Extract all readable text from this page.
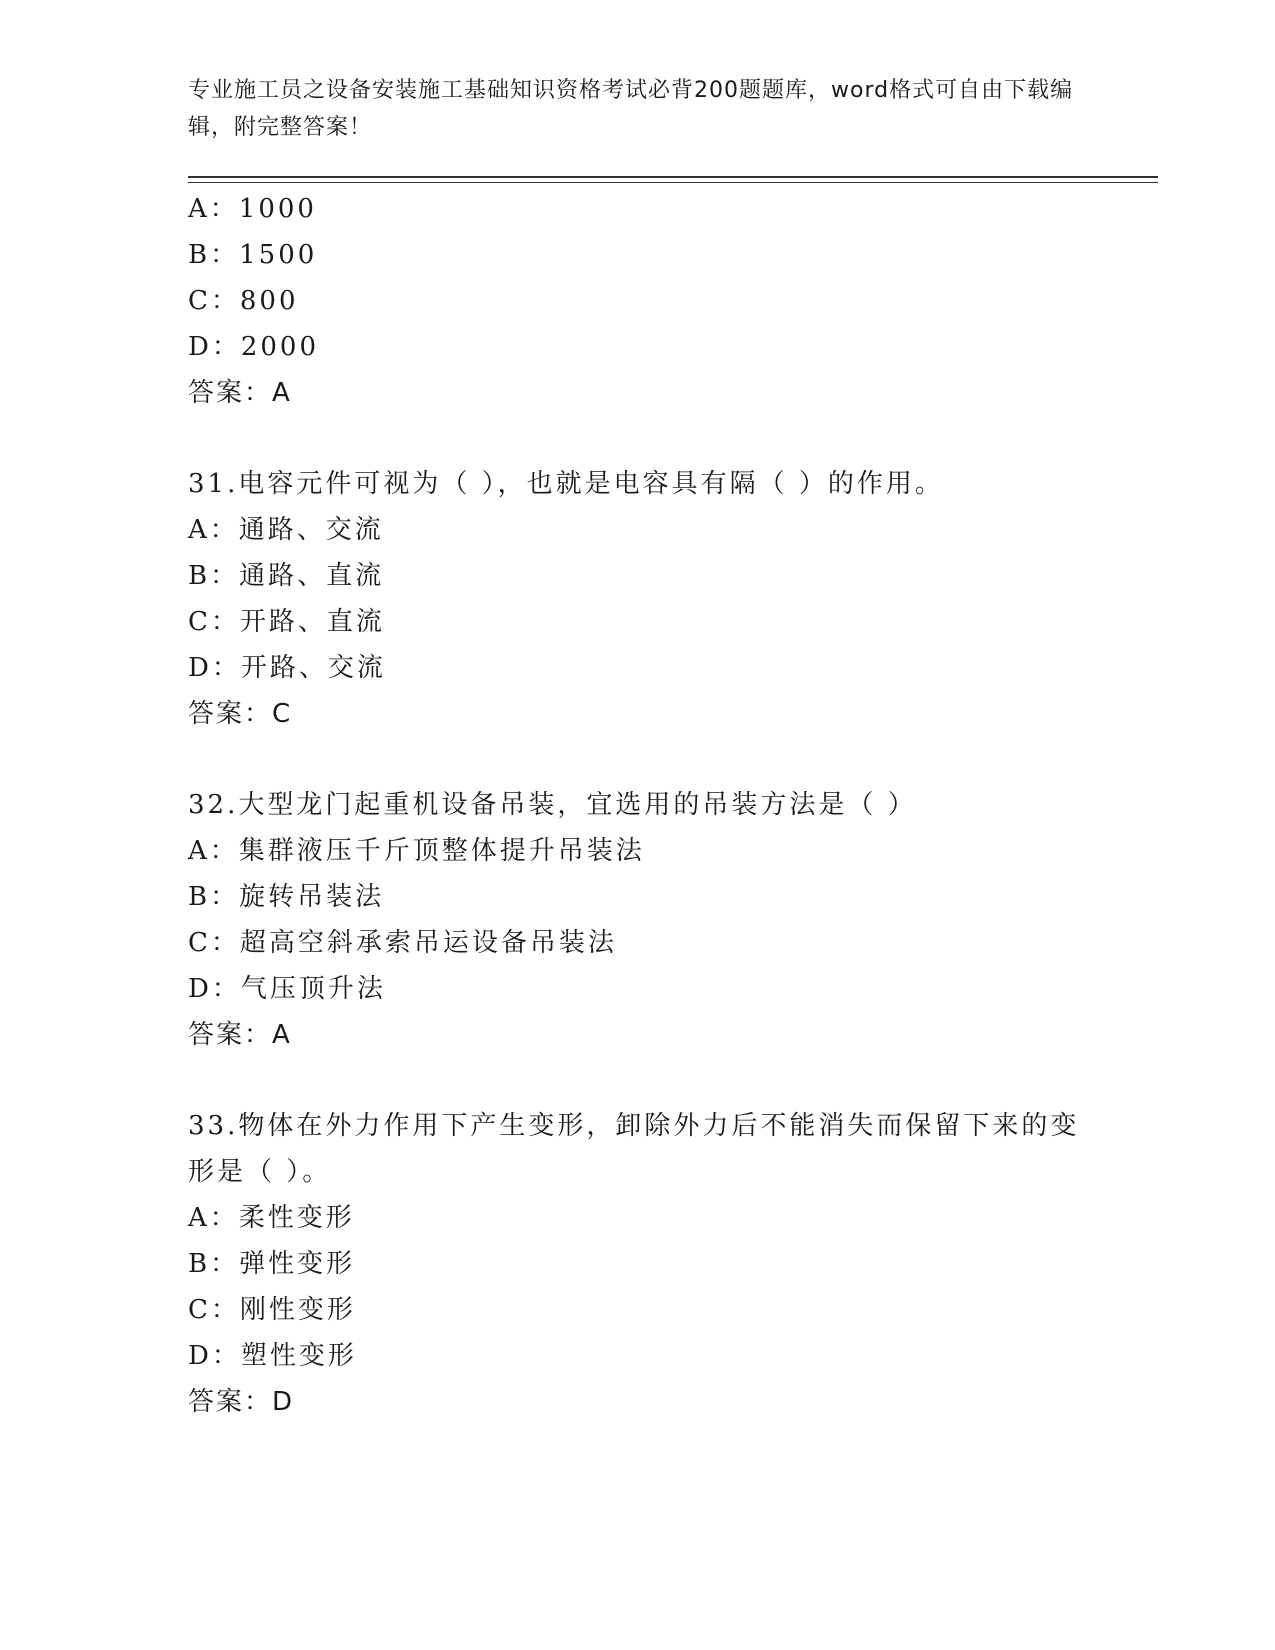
专业施工员之设备安装施工基础知识资格考试必背200题题库，word格式可自由下载编辑，附完整答案！
A：1000
B：1500
C：800
D：2000
答案：A
31.电容元件可视为（ ），也就是电容具有隔（ ）的作用。
A：通路、交流
B：通路、直流
C：开路、直流
D：开路、交流
答案：C
32.大型龙门起重机设备吊装，宜选用的吊装方法是（ ）
A：集群液压千斤顶整体提升吊装法
B：旋转吊装法
C：超高空斜承索吊运设备吊装法
D：气压顶升法
答案：A
33.物体在外力作用下产生变形，卸除外力后不能消失而保留下来的变
形是（ ）。
A：柔性变形
B：弹性变形
C：刚性变形
D：塑性变形
答案：D
